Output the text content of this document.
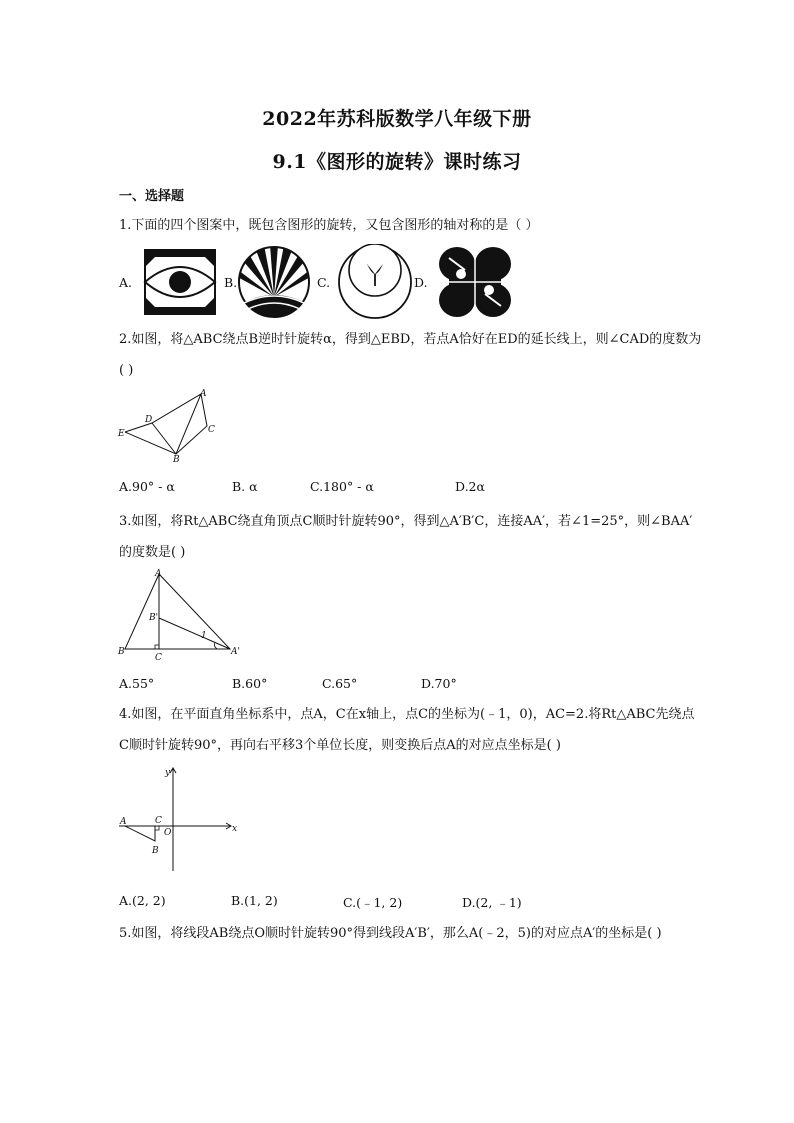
2022年苏科版数学八年级下册
9.1《图形的旋转》课时练习
一、选择题
1.下面的四个图案中，既包含图形的旋转，又包含图形的轴对称的是（ ）
A.	B.	C.	D.
2.如图，将△ABC绕点B逆时针旋转α，得到△EBD，若点A恰好在ED的延长线上，则∠CAD的度数为( )
A
D
E	C
B
A.90° - α	B. α	C.180° - α	D.2α
3.如图，将Rt△ABC绕直角顶点C顺时针旋转90°，得到△A′B′C，连接AA′，若∠1=25°，则∠BAA′的度数是( )
A
B'
1
B
C
A'
A.55°	B.60°	C.65°	D.70°
4.如图，在平面直角坐标系中，点A，C在x轴上，点C的坐标为(﹣1，0)，AC=2.将Rt△ABC先绕点C顺时针旋转90°，再向右平移3个单位长度，则变换后点A的对应点坐标是( )
y
A	C
O	x
B
A.(2, 2)	B.(1, 2)	C.(﹣1, 2)	D.(2, ﹣1)
5.如图，将线段AB绕点O顺时针旋转90°得到线段A′B′，那么A(﹣2，5)的对应点A′的坐标是( )
